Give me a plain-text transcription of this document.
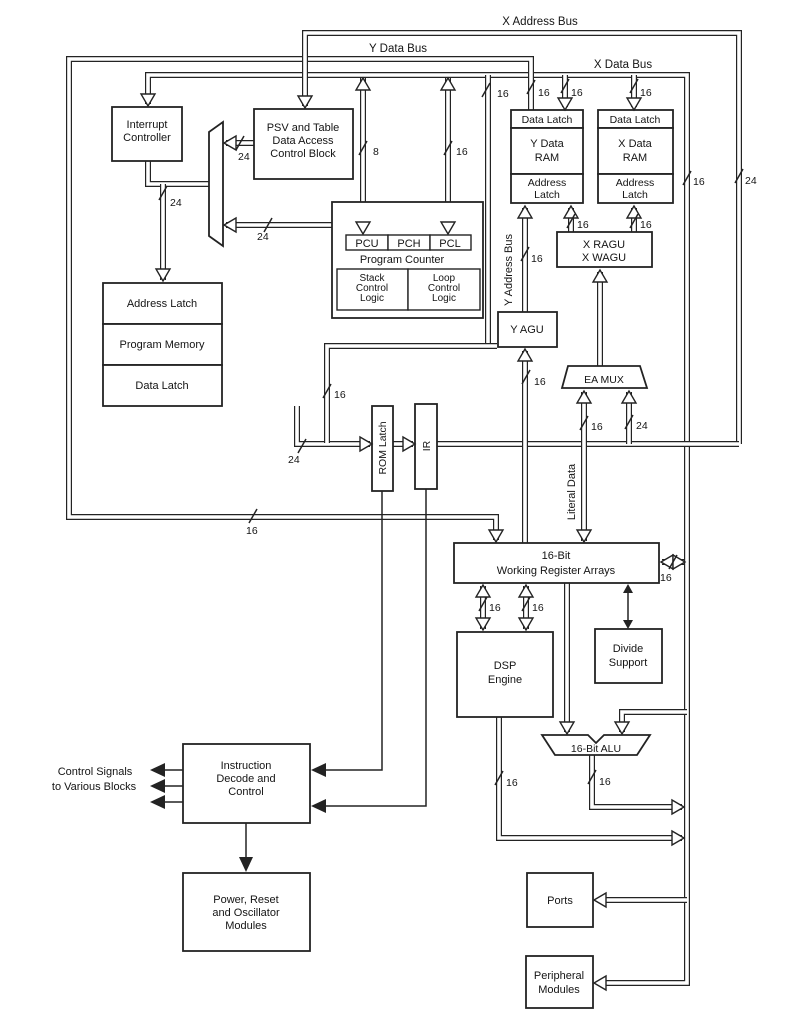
Interrupt
Controller
PSV and Table
Data Access
Control Block
PCU PCH PCL
Program Counter
Stack
Control
Logic
Loop
Control
Logic
Address Latch
Program Memory
Data Latch
ROM Latch	IR
Data Latch
Y Data
RAM
Address
Latch
Data Latch
X Data
RAM
Address
Latch
X RAGU
X WAGU
Y AGU
EA MUX
16-Bit
Working Register Arrays
DSP
Engine
Divide
Support
16-Bit ALU
Instruction
Decode and
Control
Power, Reset
and Oscillator
Modules
Ports
Peripheral
Modules
16	16 16	16
8	16
16	24
16	16
16
24
24
24
16
24
16
16	24
16
16	16
16
16	16
X Address Bus
Y Data Bus
X Data Bus
Y Address Bus
Literal Data
Control Signals
to Various Blocks
